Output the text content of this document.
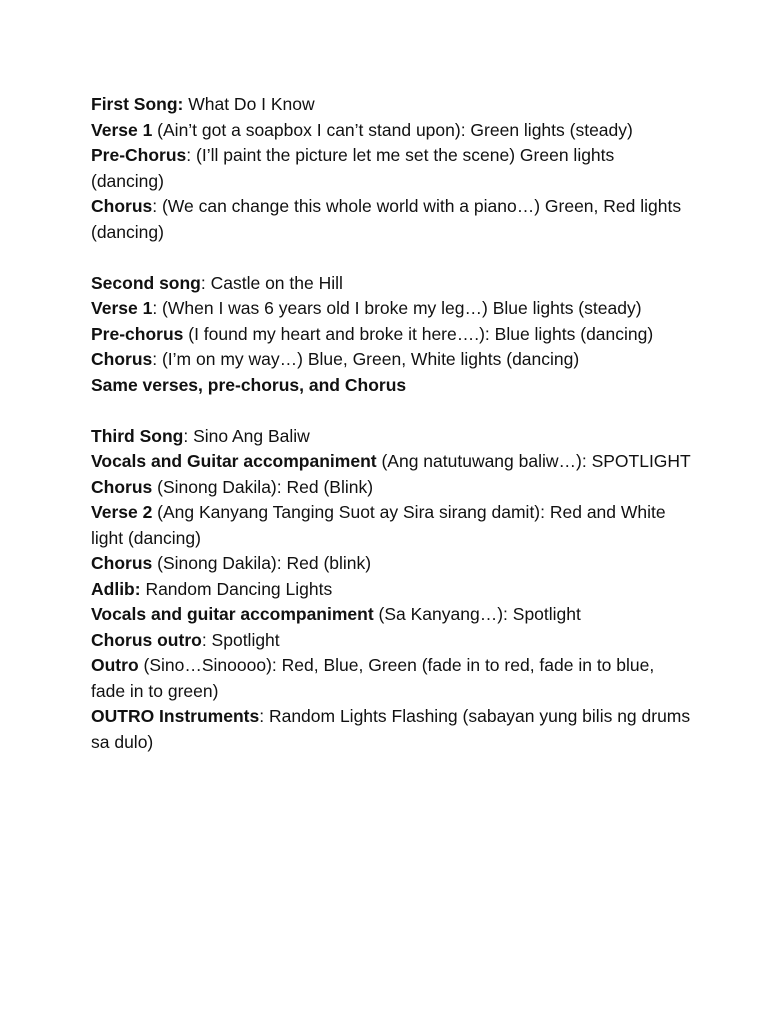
First Song: What Do I Know

Verse 1 (Ain’t got a soapbox I can’t stand upon): Green lights (steady)

Pre-Chorus: (I’ll paint the picture let me set the scene) Green lights (dancing)

Chorus: (We can change this whole world with a piano…) Green, Red lights (dancing)

Second song: Castle on the Hill

Verse 1: (When I was 6 years old I broke my leg…) Blue lights (steady)

Pre-chorus (I found my heart and broke it here….): Blue lights (dancing)

Chorus: (I’m on my way…) Blue, Green, White lights (dancing)

Same verses, pre-chorus, and Chorus

Third Song: Sino Ang Baliw

Vocals and Guitar accompaniment (Ang natutuwang baliw…): SPOTLIGHT

Chorus (Sinong Dakila): Red (Blink)

Verse 2 (Ang Kanyang Tanging Suot ay Sira sirang damit): Red and White light (dancing)

Chorus (Sinong Dakila): Red (blink)

Adlib: Random Dancing Lights

Vocals and guitar accompaniment (Sa Kanyang…): Spotlight

Chorus outro: Spotlight

Outro (Sino…Sinoooo): Red, Blue, Green (fade in to red, fade in to blue, fade in to green)

OUTRO Instruments: Random Lights Flashing (sabayan yung bilis ng drums sa dulo)
